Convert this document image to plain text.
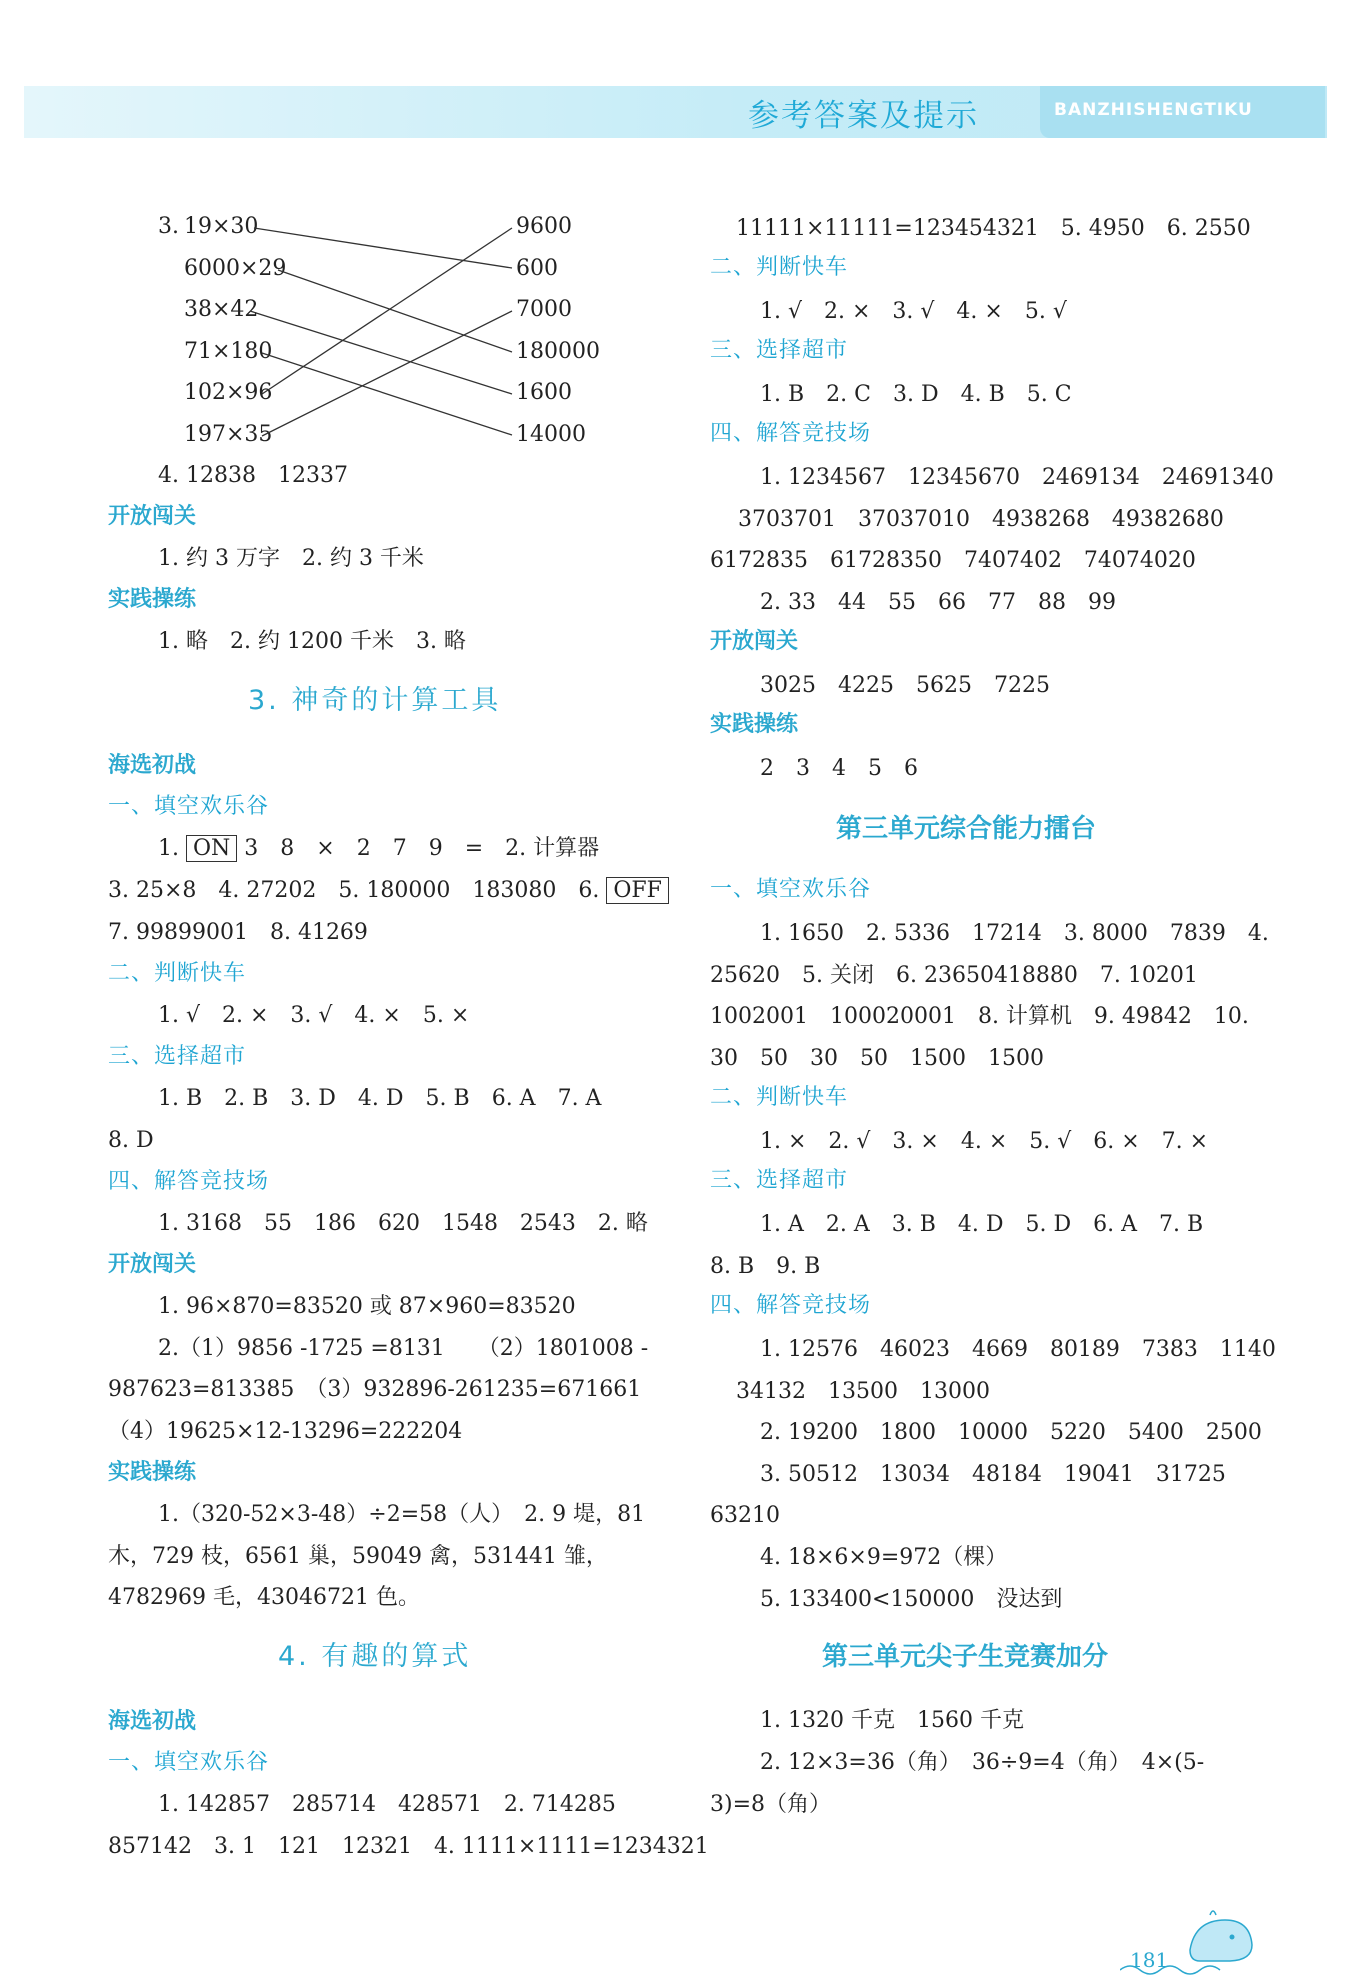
参考答案及提示	BANZHISHENGTIKU
3. 19×30
6000×29
38×42
71×180
102×96
197×35
9600
600
7000
180000
1600
14000
4. 12838　12337
开放闯关
1. 约 3 万字　2. 约 3 千米
实践操练
1. 略　2. 约 1200 千米　3. 略
3. 神奇的计算工具
海选初战
一、填空欢乐谷
1. ON 3　8　×　2　7　9　=　2. 计算器
3. 25×8　4. 27202　5. 180000　183080　6. OFF
7. 99899001　8. 41269
二、判断快车
1. √　2. ×　3. √　4. ×　5. ×
三、选择超市
1. B　2. B　3. D　4. D　5. B　6. A　7. A
8. D
四、解答竞技场
1. 3168　55　186　620　1548　2543　2. 略
开放闯关
1. 96×870=83520 或 87×960=83520
2.（1）9856 -1725 =8131　　（2）1801008 -
987623=813385　（3）932896-261235=671661
（4）19625×12-13296=222204
实践操练
1.（320-52×3-48）÷2=58（人）　2. 9 堤，81
木，729 枝，6561 巢，59049 禽，531441 雏，
4782969 毛，43046721 色。
4. 有趣的算式
海选初战
一、填空欢乐谷
1. 142857　285714　428571　2. 714285
857142　3. 1　121　12321　4. 1111×1111=1234321
11111×11111=123454321　5. 4950　6. 2550
二、判断快车
1. √　2. ×　3. √　4. ×　5. √
三、选择超市
1. B　2. C　3. D　4. B　5. C
四、解答竞技场
1. 1234567　12345670　2469134　24691340
3703701　37037010　4938268　49382680
6172835　61728350　7407402　74074020
2. 33　44　55　66　77　88　99
开放闯关
3025　4225　5625　7225
实践操练
2　3　4　5　6
第三单元综合能力擂台
一、填空欢乐谷
1. 1650　2. 5336　17214　3. 8000　7839　4.
25620　5. 关闭　6. 23650418880　7. 10201
1002001　100020001　8. 计算机　9. 49842　10.
30　50　30　50　1500　1500
二、判断快车
1. ×　2. √　3. ×　4. ×　5. √　6. ×　7. ×
三、选择超市
1. A　2. A　3. B　4. D　5. D　6. A　7. B
8. B　9. B
四、解答竞技场
1. 12576　46023　4669　80189　7383　1140
34132　13500　13000
2. 19200　1800　10000　5220　5400　2500
3. 50512　13034　48184　19041　31725
63210
4. 18×6×9=972（棵）
5. 133400<150000　没达到
第三单元尖子生竞赛加分
1. 1320 千克　1560 千克
2. 12×3=36（角）　36÷9=4（角）　4×(5-
3)=8（角）
181
